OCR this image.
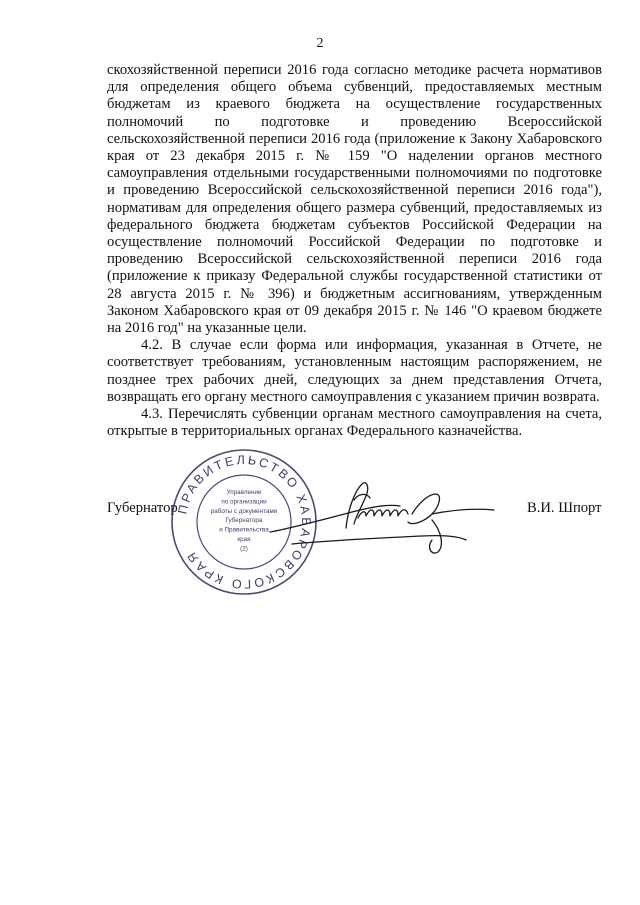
2

скохозяйственной переписи 2016 года согласно методике расчета нормативов для определения общего объема субвенций, предоставляемых местным бюджетам из краевого бюджета на осуществление государственных полномочий по подготовке и проведению Всероссийской сельскохозяйственной переписи 2016 года (приложение к Закону Хабаровского края от 23 декабря 2015 г. № 159 "О наделении органов местного самоуправления отдельными государственными полномочиями по подготовке и проведению Всероссийской сельскохозяйственной переписи 2016 года"), нормативам для определения общего размера субвенций, предоставляемых из федерального бюджета бюджетам субъектов Российской Федерации на осуществление полномочий Российской Федерации по подготовке и проведению Всероссийской сельскохозяйственной переписи 2016 года (приложение к приказу Федеральной службы государственной статистики от 28 августа 2015 г. № 396) и бюджетным ассигнованиям, утвержденным Законом Хабаровского края от 09 декабря 2015 г. № 146 "О краевом бюджете на 2016 год" на указанные цели.

4.2. В случае если форма или информация, указанная в Отчете, не соответствует требованиям, установленным настоящим распоряжением, не позднее трех рабочих дней, следующих за днем представления Отчета, возвращать его органу местного самоуправления с указанием причин возврата.

4.3. Перечислять субвенции органам местного самоуправления на счета, открытые в территориальных органах Федерального казначейства.

Губернатор	В.И. Шпорт
ПРАВИТЕЛЬСТВО ХАБАРОВСКОГО КРАЯ
Управление
по организации
работы с документами
Губернатора
и Правительства
края
(2)
